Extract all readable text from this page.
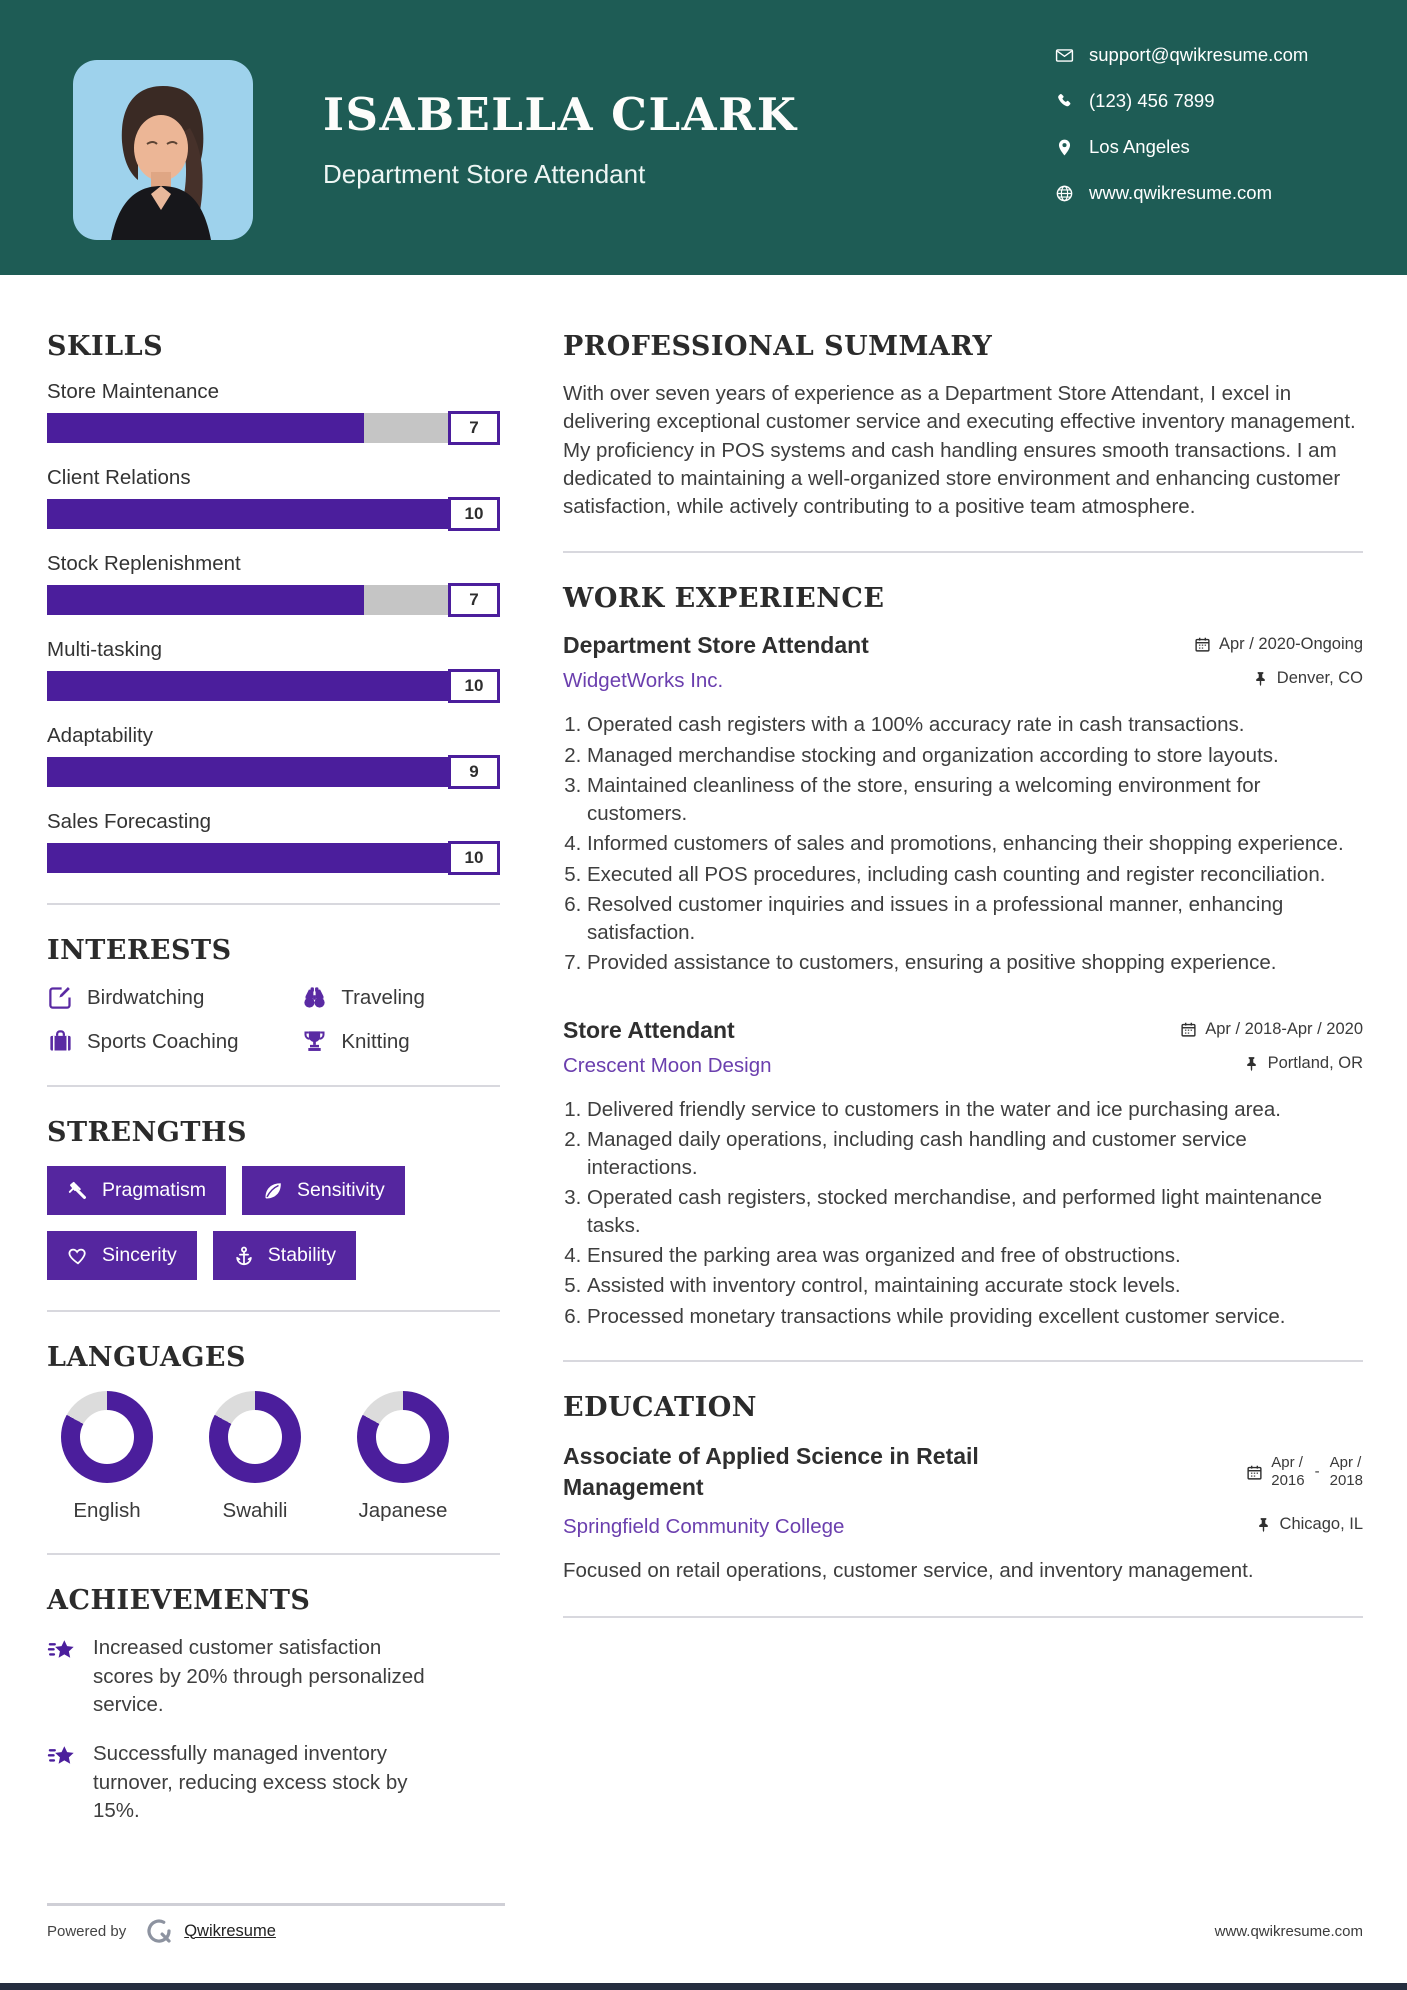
ISABELLA CLARK
Department Store Attendant
support@qwikresume.com
(123) 456 7899
Los Angeles
www.qwikresume.com
SKILLS
Store Maintenance
7
Client Relations
10
Stock Replenishment
7
Multi-tasking
10
Adaptability
9
Sales Forecasting
10
INTERESTS
Birdwatching	Traveling
Sports Coaching	Knitting
STRENGTHS
Pragmatism	Sensitivity
Sincerity	Stability
LANGUAGES
English	Swahili	Japanese
ACHIEVEMENTS
Increased customer satisfaction scores by 20% through personalized service.
Successfully managed inventory turnover, reducing excess stock by 15%.
PROFESSIONAL SUMMARY

With over seven years of experience as a Department Store Attendant, I excel in delivering exceptional customer service and executing effective inventory management. My proficiency in POS systems and cash handling ensures smooth transactions. I am dedicated to maintaining a well-organized store environment and enhancing customer satisfaction, while actively contributing to a positive team atmosphere.

WORK EXPERIENCE
Department Store Attendant	Apr / 2020-Ongoing
WidgetWorks Inc.	Denver, CO
1. Operated cash registers with a 100% accuracy rate in cash transactions.
2. Managed merchandise stocking and organization according to store layouts.
3. Maintained cleanliness of the store, ensuring a welcoming environment for customers.
4. Informed customers of sales and promotions, enhancing their shopping experience.
5. Executed all POS procedures, including cash counting and register reconciliation.
6. Resolved customer inquiries and issues in a professional manner, enhancing satisfaction.
7. Provided assistance to customers, ensuring a positive shopping experience.
Store Attendant	Apr / 2018-Apr / 2020
Crescent Moon Design	Portland, OR
1. Delivered friendly service to customers in the water and ice purchasing area.
2. Managed daily operations, including cash handling and customer service interactions.
3. Operated cash registers, stocked merchandise, and performed light maintenance tasks.
4. Ensured the parking area was organized and free of obstructions.
5. Assisted with inventory control, maintaining accurate stock levels.
6. Processed monetary transactions while providing excellent customer service.
EDUCATION
Associate of Applied Science in Retail Management
Apr /
2016
-
Apr /
2018
Springfield Community College	Chicago, IL

Focused on retail operations, customer service, and inventory management.

Powered by	Qwikresume	www.qwikresume.com
